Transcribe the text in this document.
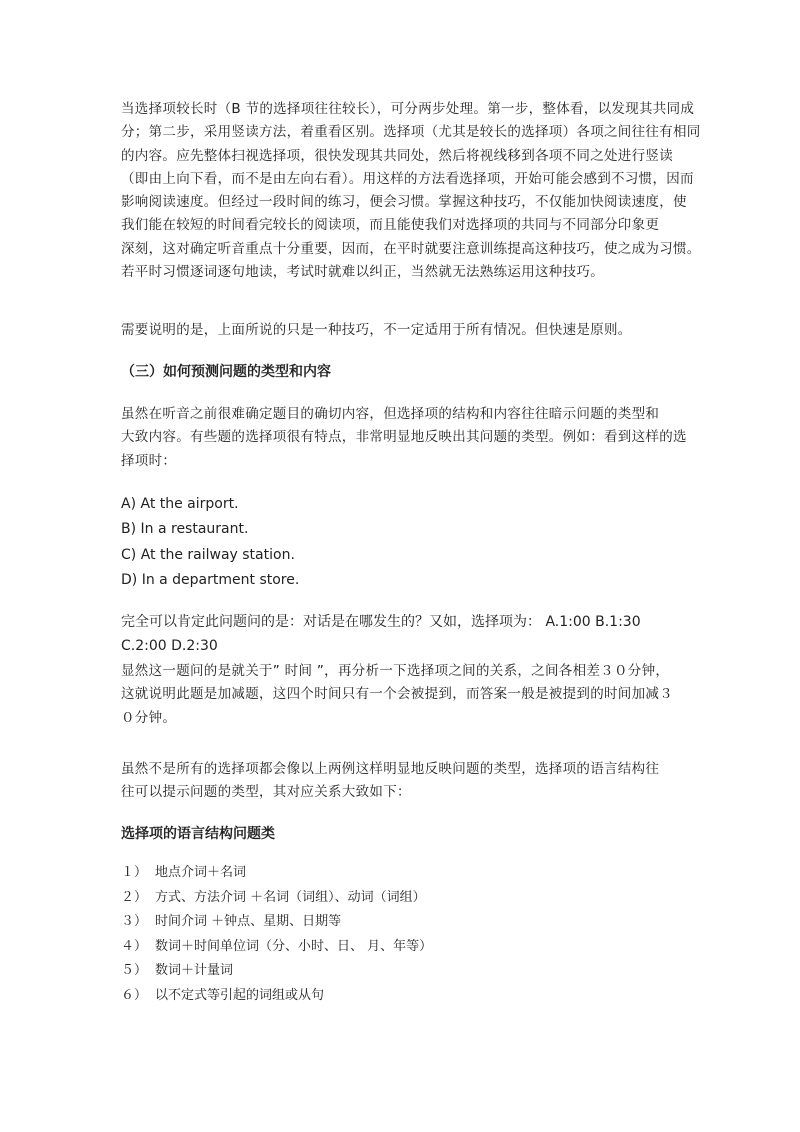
当选择项较长时（B 节的选择项往往较长），可分两步处理。第一步，整体看，以发现其共同成
分；第二步，采用竖读方法，着重看区别。选择项（尤其是较长的选择项）各项之间往往有相同
的内容。应先整体扫视选择项，很快发现其共同处，然后将视线移到各项不同之处进行竖读
（即由上向下看，而不是由左向右看）。用这样的方法看选择项，开始可能会感到不习惯，因而
影响阅读速度。但经过一段时间的练习，便会习惯。掌握这种技巧，不仅能加快阅读速度，使
我们能在较短的时间看完较长的阅读项，而且能使我们对选择项的共同与不同部分印象更
深刻，这对确定听音重点十分重要，因而，在平时就要注意训练提高这种技巧，使之成为习惯。
若平时习惯逐词逐句地读，考试时就难以纠正，当然就无法熟练运用这种技巧。
需要说明的是，上面所说的只是一种技巧，不一定适用于所有情况。但快速是原则。
（三）如何预测问题的类型和内容
虽然在听音之前很难确定题目的确切内容，但选择项的结构和内容往往暗示问题的类型和
大致内容。有些题的选择项很有特点，非常明显地反映出其问题的类型。例如：看到这样的选
择项时：
A) At the airport.
B) In a restaurant.
C) At the railway station.
D) In a department store.
完全可以肯定此问题问的是：对话是在哪发生的？又如，选择项为： A.1:00 B.1:30
C.2:00 D.2:30
显然这一题问的是就关于” 时间 ”，再分析一下选择项之间的关系，之间各相差３０分钟，
这就说明此题是加减题，这四个时间只有一个会被提到，而答案一般是被提到的时间加减３
０分钟。
虽然不是所有的选择项都会像以上两例这样明显地反映问题的类型，选择项的语言结构往
往可以提示问题的类型，其对应关系大致如下：
选择项的语言结构问题类
１） 地点介词＋名词
２） 方式、方法介词 ＋名词（词组）、动词（词组）
３） 时间介词 ＋钟点、星期、日期等
４） 数词＋时间单位词（分、小时、日、 月、年等）
５） 数词＋计量词
６） 以不定式等引起的词组或从句
